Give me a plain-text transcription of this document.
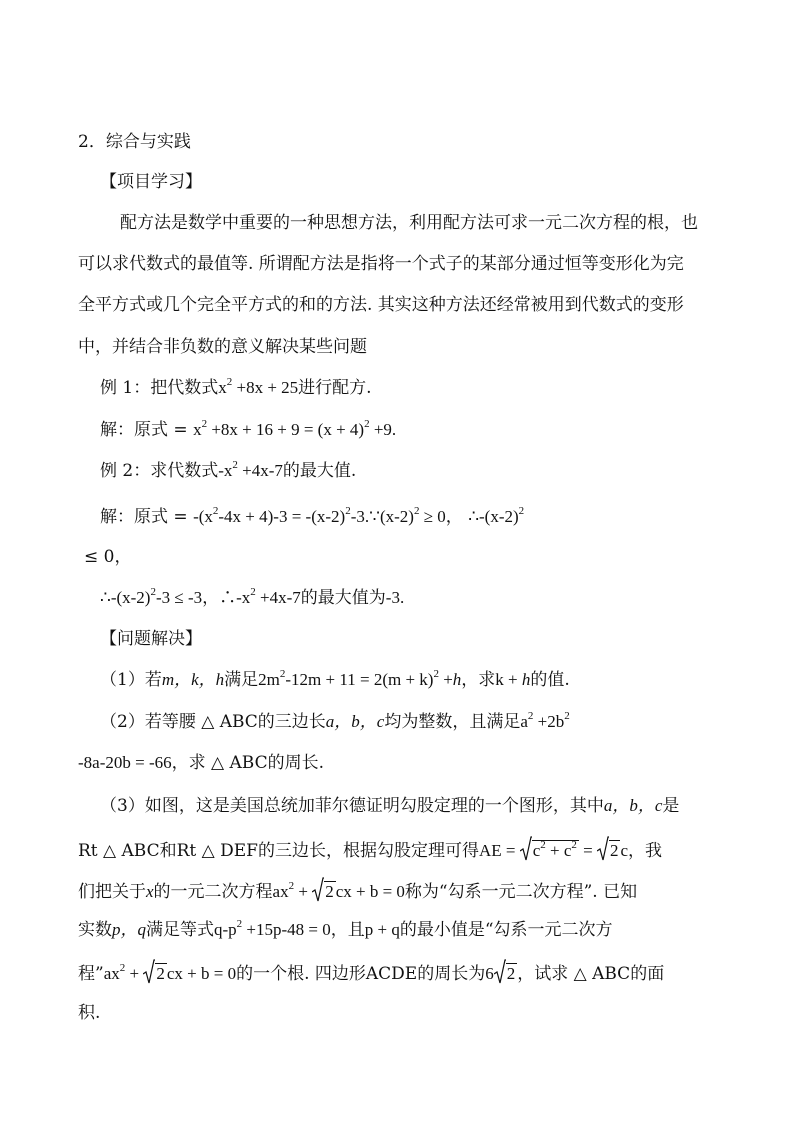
2．综合与实践
【项目学习】
配方法是数学中重要的一种思想方法，利用配方法可求一元二次方程的根，也
可以求代数式的最值等. 所谓配方法是指将一个式子的某部分通过恒等变形化为完
全平方式或几个完全平方式的和的方法. 其实这种方法还经常被用到代数式的变形
中，并结合非负数的意义解决某些问题
例 1：把代数式$x^2 +8x + 25$进行配方.
解：原式 = $x^2 +8x + 16 + 9 = (x + 4)^2 +9$.
例 2：求代数式$-x^2 +4x-7$的最大值.
解：原式 = $-(x^2-4x + 4)-3$ = $-(x-2)^2-3.\because(x-2)^2 \ge 0$， $\therefore-(x-2)^2$
≤ 0，
$\therefore-(x-2)^2-3 \le -3$，$\therefore-x^2 +4x-7$的最大值为-3.
【问题解决】
（1）若m，k，h满足$2m^2-12m + 11 = 2(m + k)^2 +h$，求k + h的值.
（2）若等腰 △ ABC的三边长a，b，c均为整数，且满足$a^2 +2b^2$
-8a-20b = -66，求 △ ABC的周长.
（3）如图，这是美国总统加菲尔德证明勾股定理的一个图形，其中a，b，c是
Rt △ ABC和Rt △ DEF的三边长，根据勾股定理可得AE = $c^2 + c^2 = 2$ c，我
们把关于x的一元二次方程$ax^2 + 2$ cx + b = 0称为“勾系一元二次方程”. 已知
实数p，q满足等式$q-p^2 +15p-48 = 0$，且p + q的最小值是“勾系一元二次方
程$”ax^2 + 2$ cx + b = 0的一个根. 四边形ACDE的周长为6 2 ，试求 △ ABC的面
积.
